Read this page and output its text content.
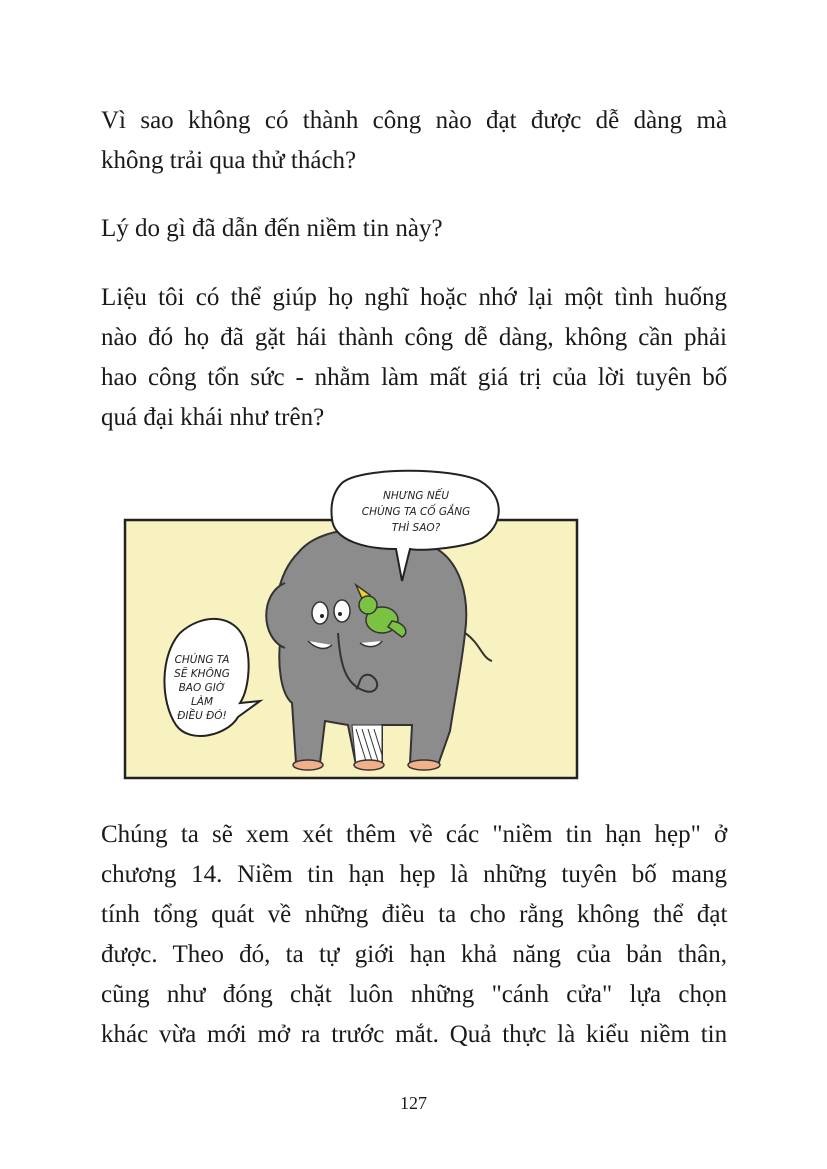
Vì sao không có thành công nào đạt được dễ dàng mà
không trải qua thử thách?
Lý do gì đã dẫn đến niềm tin này?
Liệu tôi có thể giúp họ nghĩ hoặc nhớ lại một tình huống
nào đó họ đã gặt hái thành công dễ dàng, không cần phải
hao công tổn sức - nhằm làm mất giá trị của lời tuyên bố
quá đại khái như trên?
NHƯNG NẾU
CHÚNG TA CỐ GẮNG
THÌ SAO?
CHÚNG TA
SẼ KHÔNG
BAO GIỜ
LÀM
ĐIỀU ĐÓ!
Chúng ta sẽ xem xét thêm về các "niềm tin hạn hẹp" ở
chương 14. Niềm tin hạn hẹp là những tuyên bố mang
tính tổng quát về những điều ta cho rằng không thể đạt
được. Theo đó, ta tự giới hạn khả năng của bản thân,
cũng như đóng chặt luôn những "cánh cửa" lựa chọn
khác vừa mới mở ra trước mắt. Quả thực là kiểu niềm tin
127
